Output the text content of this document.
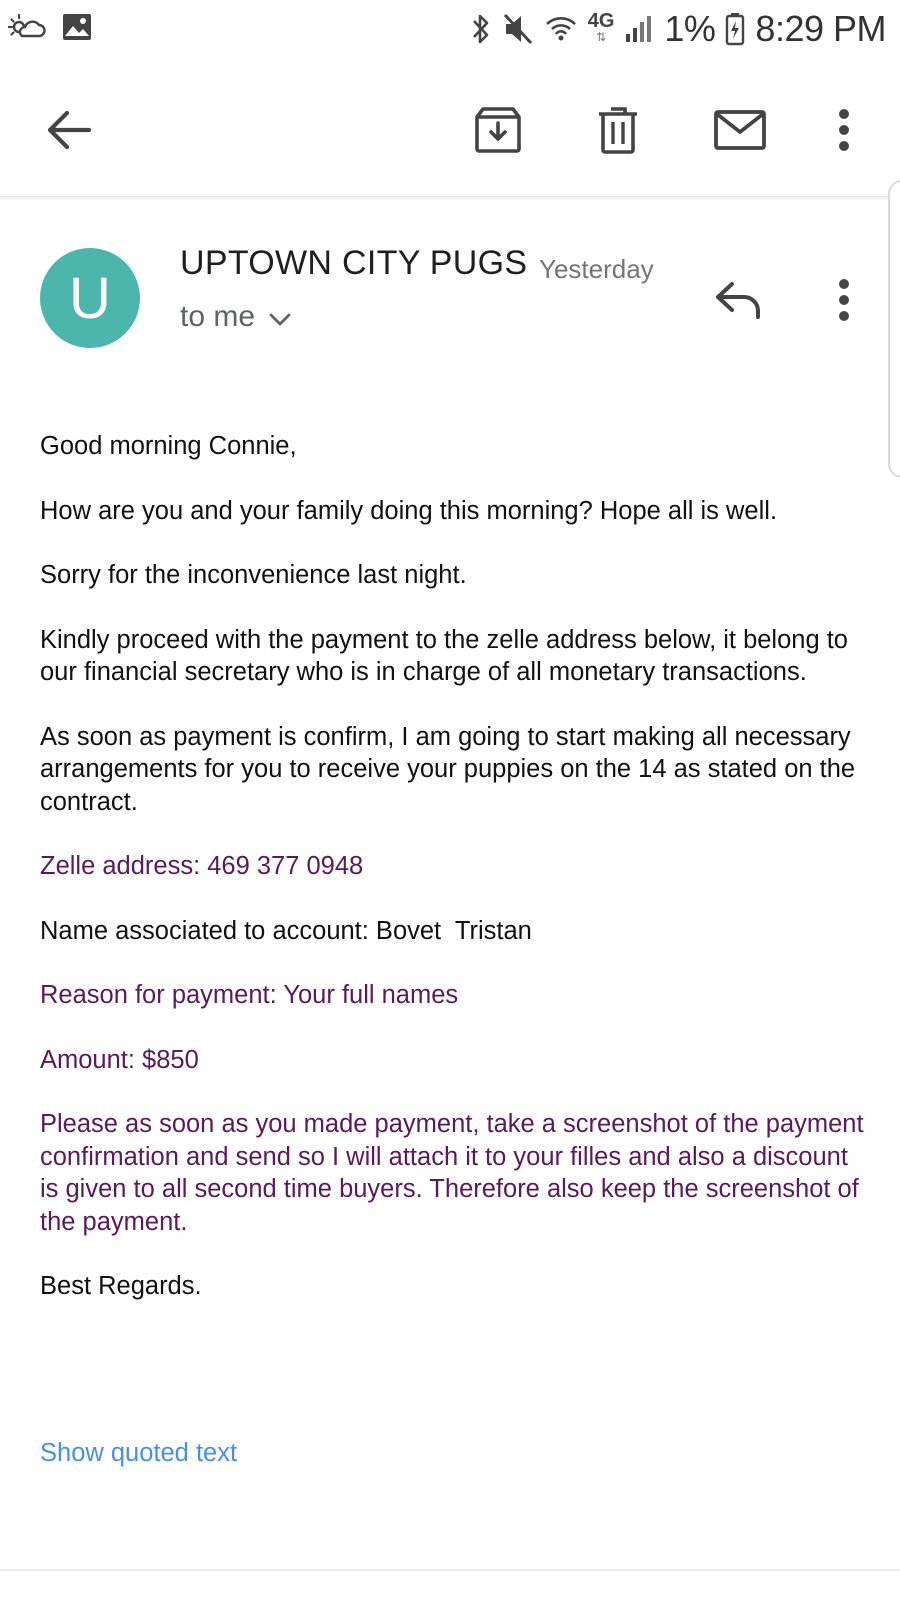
4G
⇅ 1% 8:29 PM
U
UPTOWN CITY PUGS Yesterday
to me

Good morning Connie,

How are you and your family doing this morning? Hope all is well.

Sorry for the inconvenience last night.

Kindly proceed with the payment to the zelle address below, it belong to our financial secretary who is in charge of all monetary transactions.

As soon as payment is confirm, I am going to start making all necessary arrangements for you to receive your puppies on the 14 as stated on the contract.

Zelle address: 469 377 0948

Name associated to account: Bovet  Tristan

Reason for payment: Your full names

Amount: $850

Please as soon as you made payment, take a screenshot of the payment confirmation and send so I will attach it to your filles and also a discount is given to all second time buyers. Therefore also keep the screenshot of the payment.

Best Regards.

Show quoted text
